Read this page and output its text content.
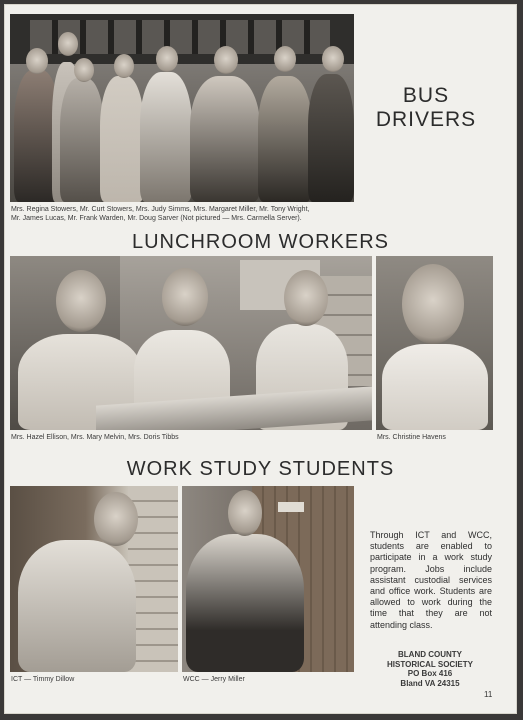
BUS
DRIVERS
Mrs. Regina Stowers, Mr. Curt Stowers, Mrs. Judy Simms, Mrs. Margaret Miller, Mr. Tony Wright,
Mr. James Lucas, Mr. Frank Warden, Mr. Doug Sarver (Not pictured — Mrs. Carmella Server).
LUNCHROOM WORKERS
Mrs. Hazel Ellison, Mrs. Mary Melvin, Mrs. Doris Tibbs	Mrs. Christine Havens
WORK STUDY STUDENTS
ICT — Timmy Dillow	WCC — Jerry Miller
Through ICT and WCC, students are enabled to participate in a work study program. Jobs include assistant custodial services and office work. Students are allowed to work during the time that they are not attending class.
BLAND COUNTY
HISTORICAL SOCIETY
PO Box 416
Bland VA 24315
11
